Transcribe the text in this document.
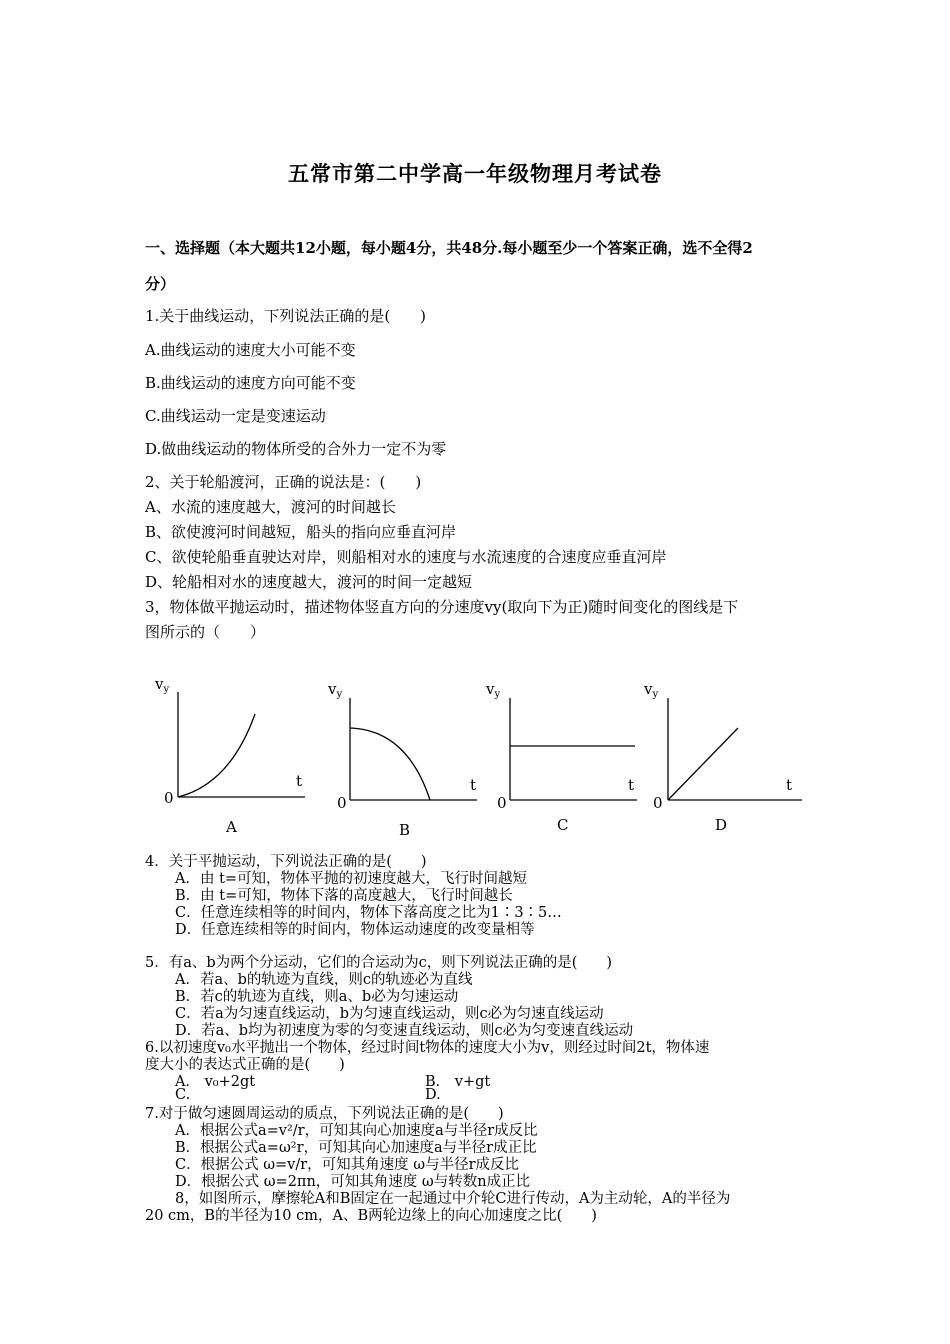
五常市第二中学高一年级物理月考试卷
一、选择题（本大题共12小题，每小题4分，共48分.每小题至少一个答案正确，选不全得2
分）
1.关于曲线运动，下列说法正确的是(　　)
A.曲线运动的速度大小可能不变
B.曲线运动的速度方向可能不变
C.曲线运动一定是变速运动
D.做曲线运动的物体所受的合外力一定不为零
2、关于轮船渡河，正确的说法是：(　　)
A、水流的速度越大，渡河的时间越长
B、欲使渡河时间越短，船头的指向应垂直河岸
C、欲使轮船垂直驶达对岸，则船相对水的速度与水流速度的合速度应垂直河岸
D、轮船相对水的速度越大，渡河的时间一定越短
3，物体做平抛运动时，描述物体竖直方向的分速度vy(取向下为正)随时间变化的图线是下
图所示的（　　）
$v_y$
t
0
A
$v_y$
t
0
B
$v_y$
t
0
C
$v_y$
t
0
D
4．关于平抛运动，下列说法正确的是(　　)
A．由 t=可知，物体平抛的初速度越大，飞行时间越短
B．由 t=可知，物体下落的高度越大，飞行时间越长
C．任意连续相等的时间内，物体下落高度之比为1∶3∶5…
D．任意连续相等的时间内，物体运动速度的改变量相等
5．有a、b为两个分运动，它们的合运动为c，则下列说法正确的是(　　)
A．若a、b的轨迹为直线，则c的轨迹必为直线
B．若c的轨迹为直线，则a、b必为匀速运动
C．若a为匀速直线运动，b为匀速直线运动，则c必为匀速直线运动
D．若a、b均为初速度为零的匀变速直线运动，则c必为匀变速直线运动
6.以初速度v₀水平抛出一个物体，经过时间t物体的速度大小为v，则经过时间2t，物体速
度大小的表达式正确的是(　　)
A． v₀+2gt	B． v+gt
C.	D.
7.对于做匀速圆周运动的质点，下列说法正确的是(　　)
A．根据公式a=v²/r，可知其向心加速度a与半径r成反比
B．根据公式a=ω²r，可知其向心加速度a与半径r成正比
C．根据公式 ω=v/r，可知其角速度 ω与半径r成反比
D．根据公式 ω=2πn，可知其角速度 ω与转数n成正比
8，如图所示，摩擦轮A和B固定在一起通过中介轮C进行传动，A为主动轮，A的半径为
20 cm，B的半径为10 cm，A、B两轮边缘上的向心加速度之比(　　)
